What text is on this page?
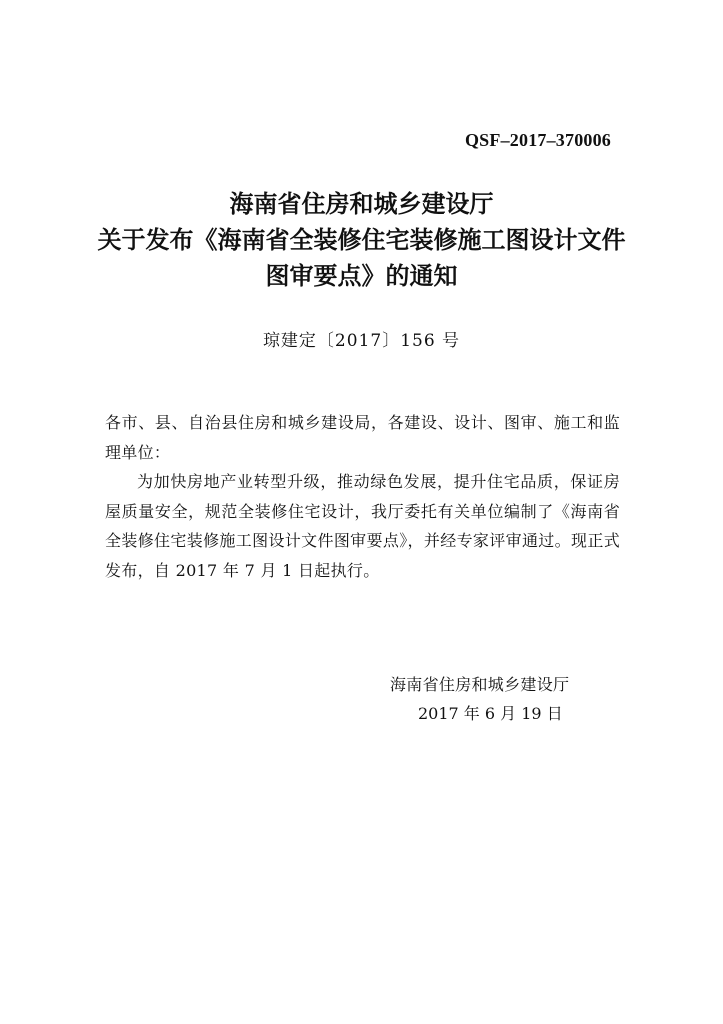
QSF–2017–370006
海南省住房和城乡建设厅
关于发布《海南省全装修住宅装修施工图设计文件
图审要点》的通知
琼建定〔2017〕156 号

各市、县、自治县住房和城乡建设局，各建设、设计、图审、施工和监理单位：

为加快房地产业转型升级，推动绿色发展，提升住宅品质，保证房屋质量安全，规范全装修住宅设计，我厅委托有关单位编制了《海南省全装修住宅装修施工图设计文件图审要点》，并经专家评审通过。现正式发布，自 2017 年 7 月 1 日起执行。

海南省住房和城乡建设厅
2017 年 6 月 19 日
